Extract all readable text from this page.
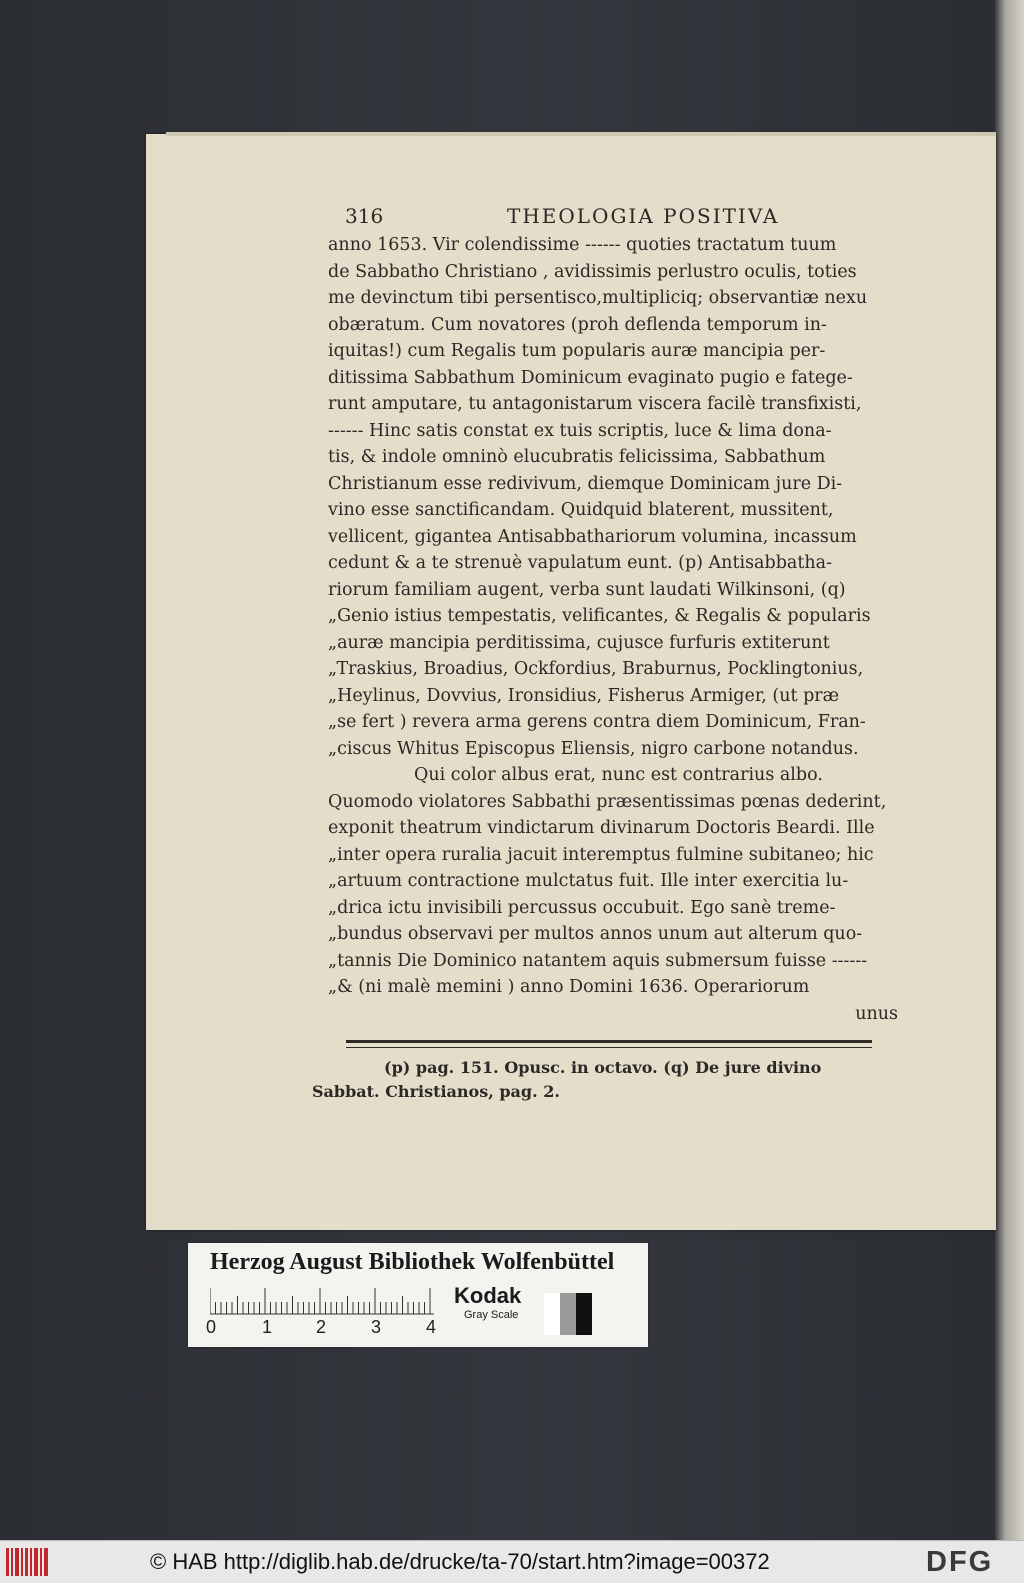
316	THEOLOGIA POSITIVA
anno 1653. Vir colendissime ------ quoties tractatum tuum
de Sabbatho Christiano , avidissimis perlustro oculis, toties
me devinctum tibi persentisco,multipliciq; observantiæ nexu
obæratum. Cum novatores (proh deflenda temporum in-
iquitas!) cum Regalis tum popularis auræ mancipia per-
ditissima Sabbathum Dominicum evaginato pugio e fatege-
runt amputare, tu antagonistarum viscera facilè transfixisti,
------ Hinc satis constat ex tuis scriptis, luce & lima dona-
tis, & indole omninò elucubratis felicissima, Sabbathum
Christianum esse redivivum, diemque Dominicam jure Di-
vino esse sanctificandam. Quidquid blaterent, mussitent,
vellicent, gigantea Antisabbathariorum volumina, incassum
cedunt & a te strenuè vapulatum eunt. (p) Antisabbatha-
riorum familiam augent, verba sunt laudati Wilkinsoni, (q)
„Genio istius tempestatis, velificantes, & Regalis & popularis
„auræ mancipia perditissima, cujusce furfuris extiterunt
„Traskius, Broadius, Ockfordius, Braburnus, Pocklingtonius,
„Heylinus, Dovvius, Ironsidius, Fisherus Armiger, (ut præ
„se fert ) revera arma gerens contra diem Dominicum, Fran-
„ciscus Whitus Episcopus Eliensis, nigro carbone notandus.
Qui color albus erat, nunc est contrarius albo.
Quomodo violatores Sabbathi præsentissimas pœnas dederint,
exponit theatrum vindictarum divinarum Doctoris Beardi. Ille
„inter opera ruralia jacuit interemptus fulmine subitaneo; hic
„artuum contractione mulctatus fuit. Ille inter exercitia lu-
„drica ictu invisibili percussus occubuit. Ego sanè treme-
„bundus observavi per multos annos unum aut alterum quo-
„tannis Die Dominico natantem aquis submersum fuisse ------
„& (ni malè memini ) anno Domini 1636. Operariorum
unus
(p) pag. 151. Opusc. in octavo. (q) De jure divino
Sabbat. Christianos, pag. 2.
Herzog August Bibliothek Wolfenbüttel
0	1 2 3 4
Kodak
Gray Scale
© HAB http://diglib.hab.de/drucke/ta-70/start.htm?image=00372	DFG
